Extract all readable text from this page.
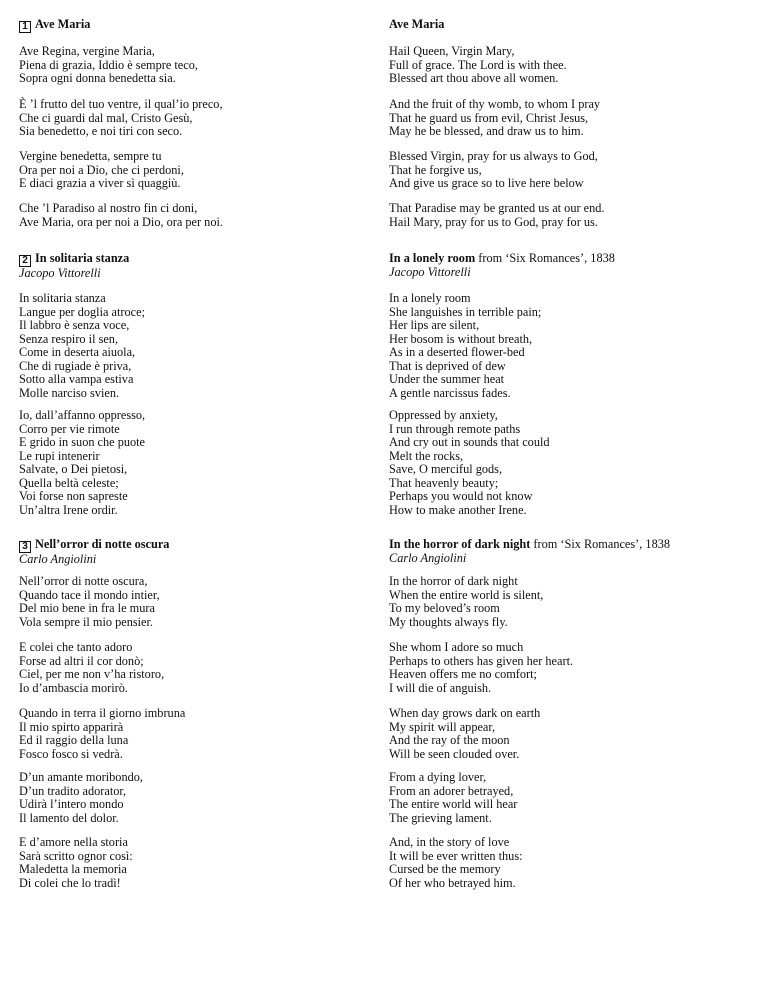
1 Ave Maria
Ave Regina, vergine Maria,
Piena di grazia, Iddio è sempre teco,
Sopra ogni donna benedetta sia.
È ’l frutto del tuo ventre, il qual’io preco,
Che ci guardi dal mal, Cristo Gesù,
Sia benedetto, e noi tiri con seco.
Vergine benedetta, sempre tu
Ora per noi a Dio, che ci perdoni,
E diaci grazia a viver sì quaggiù.
Che ’l Paradiso al nostro fin ci doni,
Ave Maria, ora per noi a Dio, ora per noi.
2 In solitaria stanza
Jacopo Vittorelli
In solitaria stanza
Langue per doglia atroce;
Il labbro è senza voce,
Senza respiro il sen,
Come in deserta aiuola,
Che di rugiade è priva,
Sotto alla vampa estiva
Molle narciso svien.
Io, dall’affanno oppresso,
Corro per vie rimote
E grido in suon che puote
Le rupi intenerir
Salvate, o Dei pietosi,
Quella beltà celeste;
Voi forse non sapreste
Un’altra Irene ordir.
3 Nell’orror di notte oscura
Carlo Angiolini
Nell’orror di notte oscura,
Quando tace il mondo intier,
Del mio bene in fra le mura
Vola sempre il mio pensier.
E colei che tanto adoro
Forse ad altri il cor donò;
Ciel, per me non v’ha ristoro,
Io d’ambascia morirò.
Quando in terra il giorno imbruna
Il mio spirto apparirà
Ed il raggio della luna
Fosco fosco si vedrà.
D’un amante moribondo,
D’un tradito adorator,
Udirà l’intero mondo
Il lamento del dolor.
E d’amore nella storia
Sarà scritto ognor così:
Maledetta la memoria
Di colei che lo tradì!
Ave Maria
Hail Queen, Virgin Mary,
Full of grace. The Lord is with thee.
Blessed art thou above all women.
And the fruit of thy womb, to whom I pray
That he guard us from evil, Christ Jesus,
May he be blessed, and draw us to him.
Blessed Virgin, pray for us always to God,
That he forgive us,
And give us grace so to live here below
That Paradise may be granted us at our end.
Hail Mary, pray for us to God, pray for us.
In a lonely room from ‘Six Romances’, 1838
Jacopo Vittorelli
In a lonely room
She languishes in terrible pain;
Her lips are silent,
Her bosom is without breath,
As in a deserted flower-bed
That is deprived of dew
Under the summer heat
A gentle narcissus fades.
Oppressed by anxiety,
I run through remote paths
And cry out in sounds that could
Melt the rocks,
Save, O merciful gods,
That heavenly beauty;
Perhaps you would not know
How to make another Irene.
In the horror of dark night from ‘Six Romances’, 1838
Carlo Angiolini
In the horror of dark night
When the entire world is silent,
To my beloved’s room
My thoughts always fly.
She whom I adore so much
Perhaps to others has given her heart.
Heaven offers me no comfort;
I will die of anguish.
When day grows dark on earth
My spirit will appear,
And the ray of the moon
Will be seen clouded over.
From a dying lover,
From an adorer betrayed,
The entire world will hear
The grieving lament.
And, in the story of love
It will be ever written thus:
Cursed be the memory
Of her who betrayed him.
